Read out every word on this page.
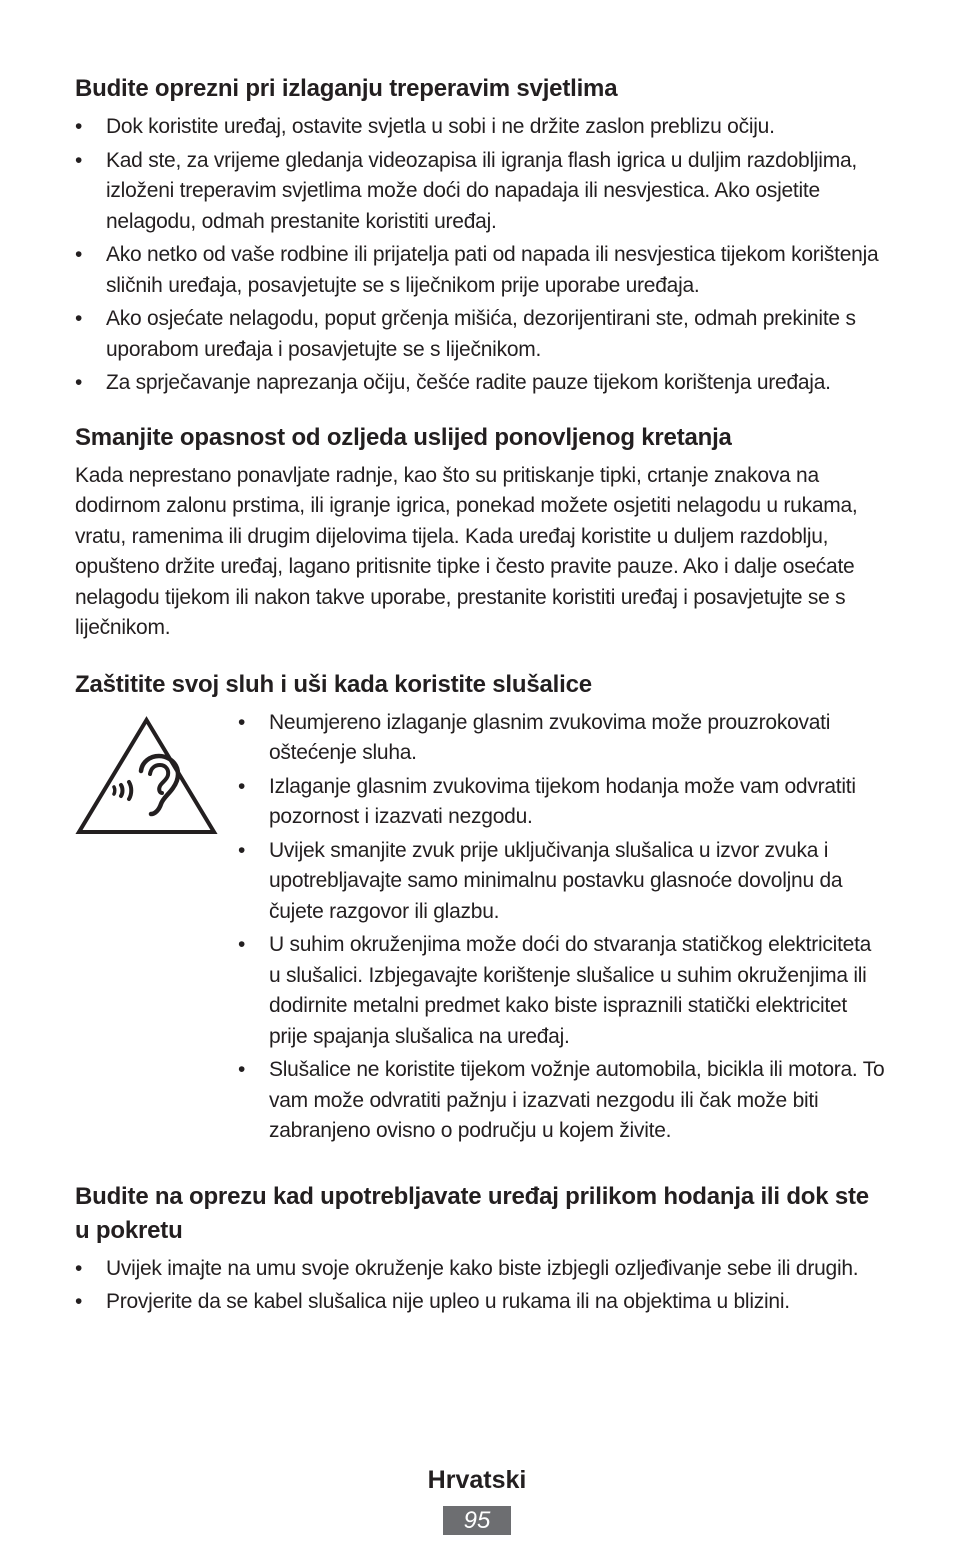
Budite oprezni pri izlaganju treperavim svjetlima
• Dok koristite uređaj, ostavite svjetla u sobi i ne držite zaslon preblizu očiju.
• Kad ste, za vrijeme gledanja videozapisa ili igranja flash igrica u duljim razdobljima, izloženi treperavim svjetlima može doći do napadaja ili nesvjestica. Ako osjetite nelagodu, odmah prestanite koristiti uređaj.
• Ako netko od vaše rodbine ili prijatelja pati od napada ili nesvjestica tijekom korištenja sličnih uređaja, posavjetujte se s liječnikom prije uporabe uređaja.
• Ako osjećate nelagodu, poput grčenja mišića, dezorijentirani ste, odmah prekinite s uporabom uređaja i posavjetujte se s liječnikom.
• Za sprječavanje naprezanja očiju, češće radite pauze tijekom korištenja uređaja.
Smanjite opasnost od ozljeda uslijed ponovljenog kretanja

Kada neprestano ponavljate radnje, kao što su pritiskanje tipki, crtanje znakova na dodirnom zalonu prstima, ili igranje igrica, ponekad možete osjetiti nelagodu u rukama, vratu, ramenima ili drugim dijelovima tijela. Kada uređaj koristite u duljem razdoblju, opušteno držite uređaj, lagano pritisnite tipke i često pravite pauze. Ako i dalje osećate nelagodu tijekom ili nakon takve uporabe, prestanite koristiti uređaj i posavjetujte se s liječnikom.

Zaštitite svoj sluh i uši kada koristite slušalice
• Neumjereno izlaganje glasnim zvukovima može prouzrokovati oštećenje sluha.
• Izlaganje glasnim zvukovima tijekom hodanja može vam odvratiti pozornost i izazvati nezgodu.
• Uvijek smanjite zvuk prije uključivanja slušalica u izvor zvuka i upotrebljavajte samo minimalnu postavku glasnoće dovoljnu da čujete razgovor ili glazbu.
• U suhim okruženjima može doći do stvaranja statičkog elektriciteta u slušalici. Izbjegavajte korištenje slušalice u suhim okruženjima ili dodirnite metalni predmet kako biste ispraznili statički elektricitet prije spajanja slušalica na uređaj.
• Slušalice ne koristite tijekom vožnje automobila, bicikla ili motora. To vam može odvratiti pažnju i izazvati nezgodu ili čak može biti zabranjeno ovisno o području u kojem živite.
Budite na oprezu kad upotrebljavate uređaj prilikom hodanja ili dok ste u pokretu
• Uvijek imajte na umu svoje okruženje kako biste izbjegli ozljeđivanje sebe ili drugih.
• Provjerite da se kabel slušalica nije upleo u rukama ili na objektima u blizini.
Hrvatski
95
